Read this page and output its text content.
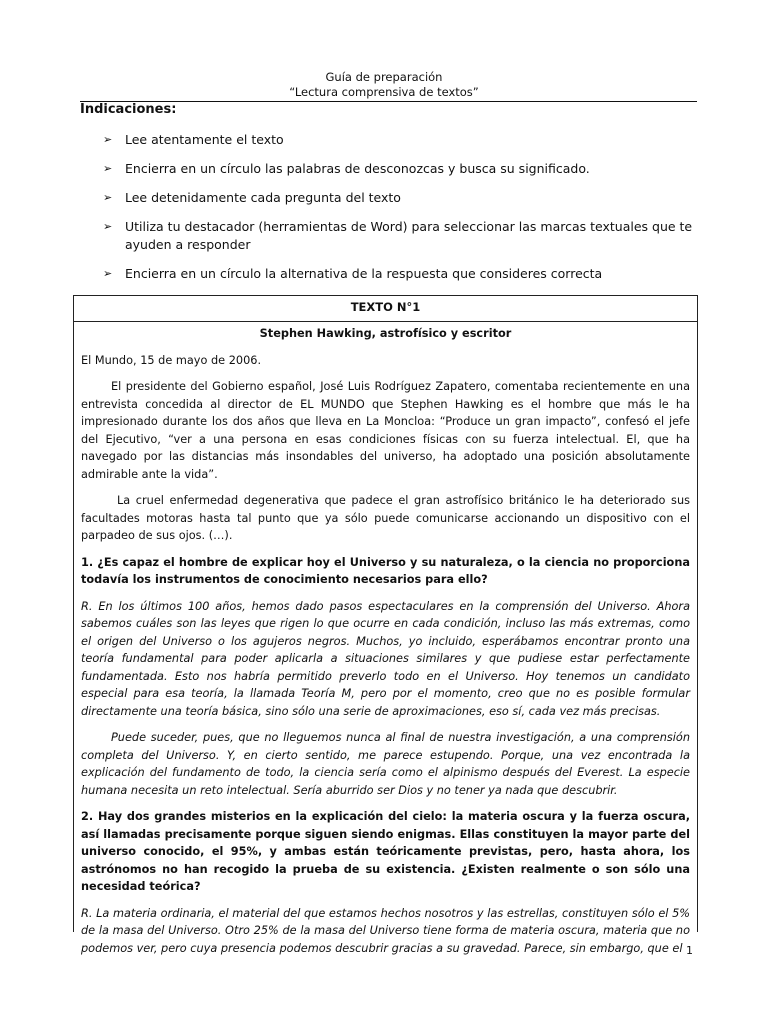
Guía de preparación
“Lectura comprensiva de textos”
Indicaciones:
➢ Lee atentamente el texto
➢ Encierra en un círculo las palabras de desconozcas y busca su significado.
➢ Lee detenidamente cada pregunta del texto
➢ Utiliza tu destacador (herramientas de Word) para seleccionar las marcas textuales que te ayuden a responder
➢ Encierra en un círculo la alternativa de la respuesta que consideres correcta
TEXTO N°1
Stephen Hawking, astrofísico y escritor

El Mundo, 15 de mayo de 2006.

El presidente del Gobierno español, José Luis Rodríguez Zapatero, comentaba recientemente en una entrevista concedida al director de EL MUNDO que Stephen Hawking es el hombre que más le ha impresionado durante los dos años que lleva en La Moncloa: “Produce un gran impacto”, confesó el jefe del Ejecutivo, “ver a una persona en esas condiciones físicas con su fuerza intelectual. El, que ha navegado por las distancias más insondables del universo, ha adoptado una posición absolutamente admirable ante la vida”.

La cruel enfermedad degenerativa que padece el gran astrofísico británico le ha deteriorado sus facultades motoras hasta tal punto que ya sólo puede comunicarse accionando un dispositivo con el parpadeo de sus ojos. (…).

1. ¿Es capaz el hombre de explicar hoy el Universo y su naturaleza, o la ciencia no proporciona todavía los instrumentos de conocimiento necesarios para ello?

R. En los últimos 100 años, hemos dado pasos espectaculares en la comprensión del Universo. Ahora sabemos cuáles son las leyes que rigen lo que ocurre en cada condición, incluso las más extremas, como el origen del Universo o los agujeros negros. Muchos, yo incluido, esperábamos encontrar pronto una teoría fundamental para poder aplicarla a situaciones similares y que pudiese estar perfectamente fundamentada. Esto nos habría permitido preverlo todo en el Universo. Hoy tenemos un candidato especial para esa teoría, la llamada Teoría M, pero por el momento, creo que no es posible formular directamente una teoría básica, sino sólo una serie de aproximaciones, eso sí, cada vez más precisas.

Puede suceder, pues, que no lleguemos nunca al final de nuestra investigación, a una comprensión completa del Universo. Y, en cierto sentido, me parece estupendo. Porque, una vez encontrada la explicación del fundamento de todo, la ciencia sería como el alpinismo después del Everest. La especie humana necesita un reto intelectual. Sería aburrido ser Dios y no tener ya nada que descubrir.

2. Hay dos grandes misterios en la explicación del cielo: la materia oscura y la fuerza oscura, así llamadas precisamente porque siguen siendo enigmas. Ellas constituyen la mayor parte del universo conocido, el 95%, y ambas están teóricamente previstas, pero, hasta ahora, los astrónomos no han recogido la prueba de su existencia. ¿Existen realmente o son sólo una necesidad teórica?

R. La materia ordinaria, el material del que estamos hechos nosotros y las estrellas, constituyen sólo el 5% de la masa del Universo. Otro 25% de la masa del Universo tiene forma de materia oscura, materia que no podemos ver, pero cuya presencia podemos descubrir gracias a su gravedad. Parece, sin embargo, que el 1
